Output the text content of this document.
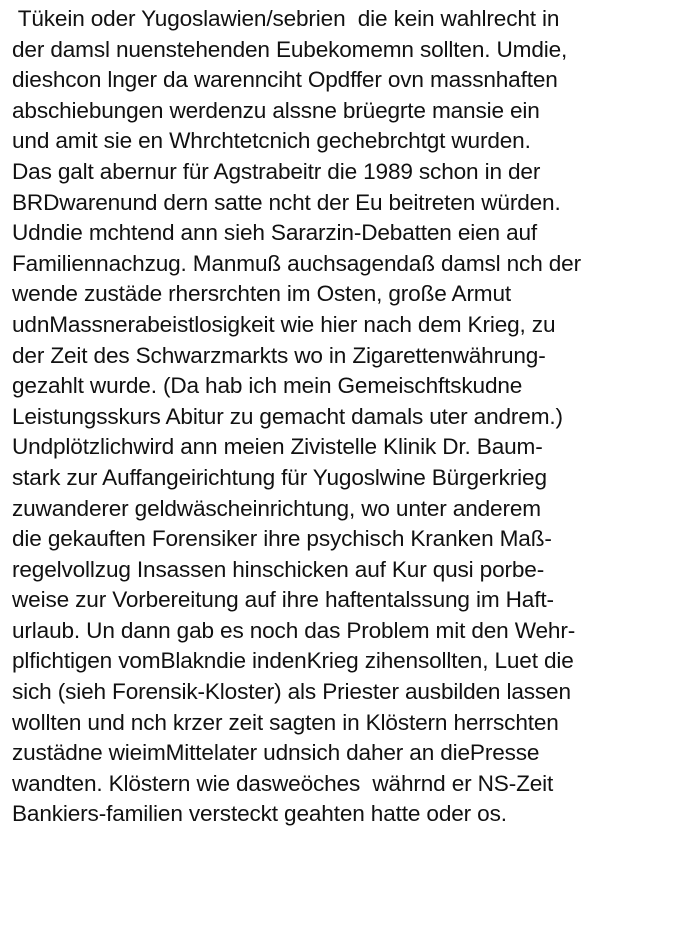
Tükein oder Yugoslawien/sebrien  die kein wahlrecht in
der damsl nuenstehenden Eubekomemn sollten. Umdie,
dieshcon lnger da warennciht Opdffer ovn massnhaften
abschiebungen werdenzu alssne brüegrte mansie ein
und amit sie en Whrchtetcnich gechebrchtgt wurden.
Das galt abernur für Agstrabeitr die 1989 schon in der
BRDwarenund dern satte ncht der Eu beitreten würden.
Udndie mchtend ann sieh Sararzin-Debatten eien auf
Familiennachzug. Manmuß auchsagendaß damsl nch der
wende zustäde rhersrchten im Osten, große Armut
udnMassnerabeistlosigkeit wie hier nach dem Krieg, zu
der Zeit des Schwarzmarkts wo in Zigarettenwährung-
gezahlt wurde. (Da hab ich mein Gemeischftskudne
Leistungsskurs Abitur zu gemacht damals uter andrem.)
Undplötzlichwird ann meien Zivistelle Klinik Dr. Baum-
stark zur Auffangeirichtung für Yugoslwine Bürgerkrieg
zuwanderer geldwäscheinrichtung, wo unter anderem
die gekauften Forensiker ihre psychisch Kranken Maß-
regelvollzug Insassen hinschicken auf Kur qusi porbe-
weise zur Vorbereitung auf ihre haftentalssung im Haft-
urlaub. Un dann gab es noch das Problem mit den Wehr-
plfichtigen vomBlakndie indenKrieg zihensollten, Luet die
sich (sieh Forensik-Kloster) als Priester ausbilden lassen
wollten und nch krzer zeit sagten in Klöstern herrschten
zustädne wieimMittelater udnsich daher an diePresse
wandten. Klöstern wie dasweöches  währnd er NS-Zeit
Bankiers-familien versteckt geahten hatte oder os.
